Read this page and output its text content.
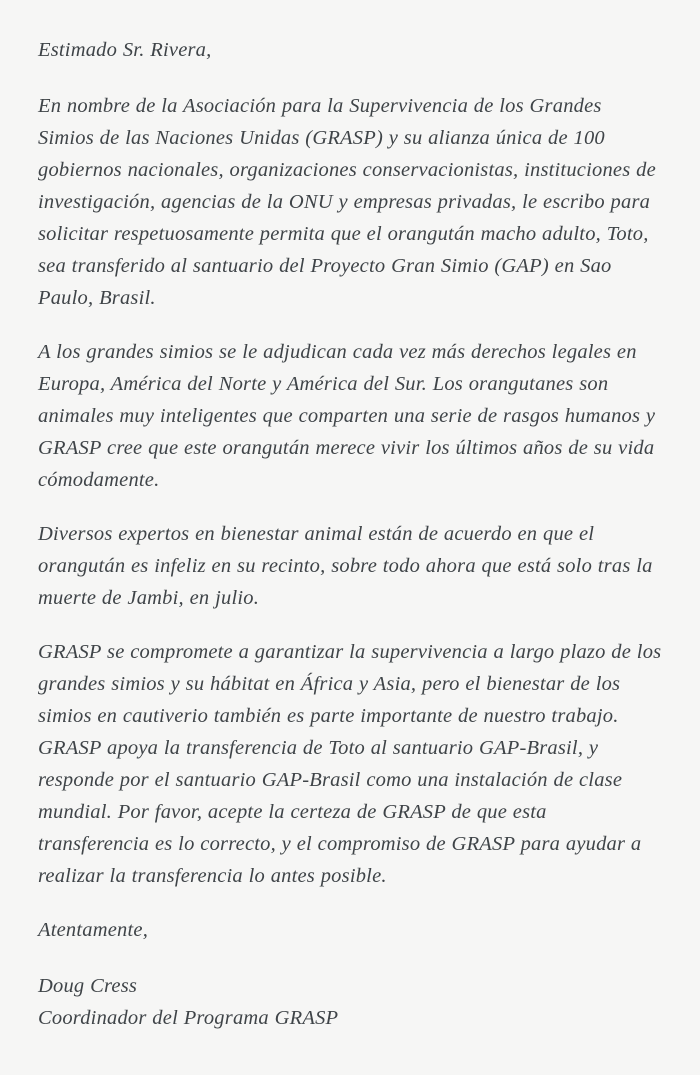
Estimado Sr. Rivera,

En nombre de la Asociación para la Supervivencia de los Grandes Simios de las Naciones Unidas (GRASP) y su alianza única de 100 gobiernos nacionales, organizaciones conservacionistas, instituciones de investigación, agencias de la ONU y empresas privadas, le escribo para solicitar respetuosamente permita que el orangután macho adulto, Toto, sea transferido al santuario del Proyecto Gran Simio (GAP) en Sao Paulo, Brasil.

A los grandes simios se le adjudican cada vez más derechos legales en Europa, América del Norte y América del Sur. Los orangutanes son animales muy inteligentes que comparten una serie de rasgos humanos y GRASP cree que este orangután merece vivir los últimos años de su vida cómodamente.

Diversos expertos en bienestar animal están de acuerdo en que el orangután es infeliz en su recinto, sobre todo ahora que está solo tras la muerte de Jambi, en julio.

GRASP se compromete a garantizar la supervivencia a largo plazo de los grandes simios y su hábitat en África y Asia, pero el bienestar de los simios en cautiverio también es parte importante de nuestro trabajo. GRASP apoya la transferencia de Toto al santuario GAP-Brasil, y responde por el santuario GAP-Brasil como una instalación de clase mundial. Por favor, acepte la certeza de GRASP de que esta transferencia es lo correcto, y el compromiso de GRASP para ayudar a realizar la transferencia lo antes posible.

Atentamente,

Doug Cress
Coordinador del Programa GRASP
